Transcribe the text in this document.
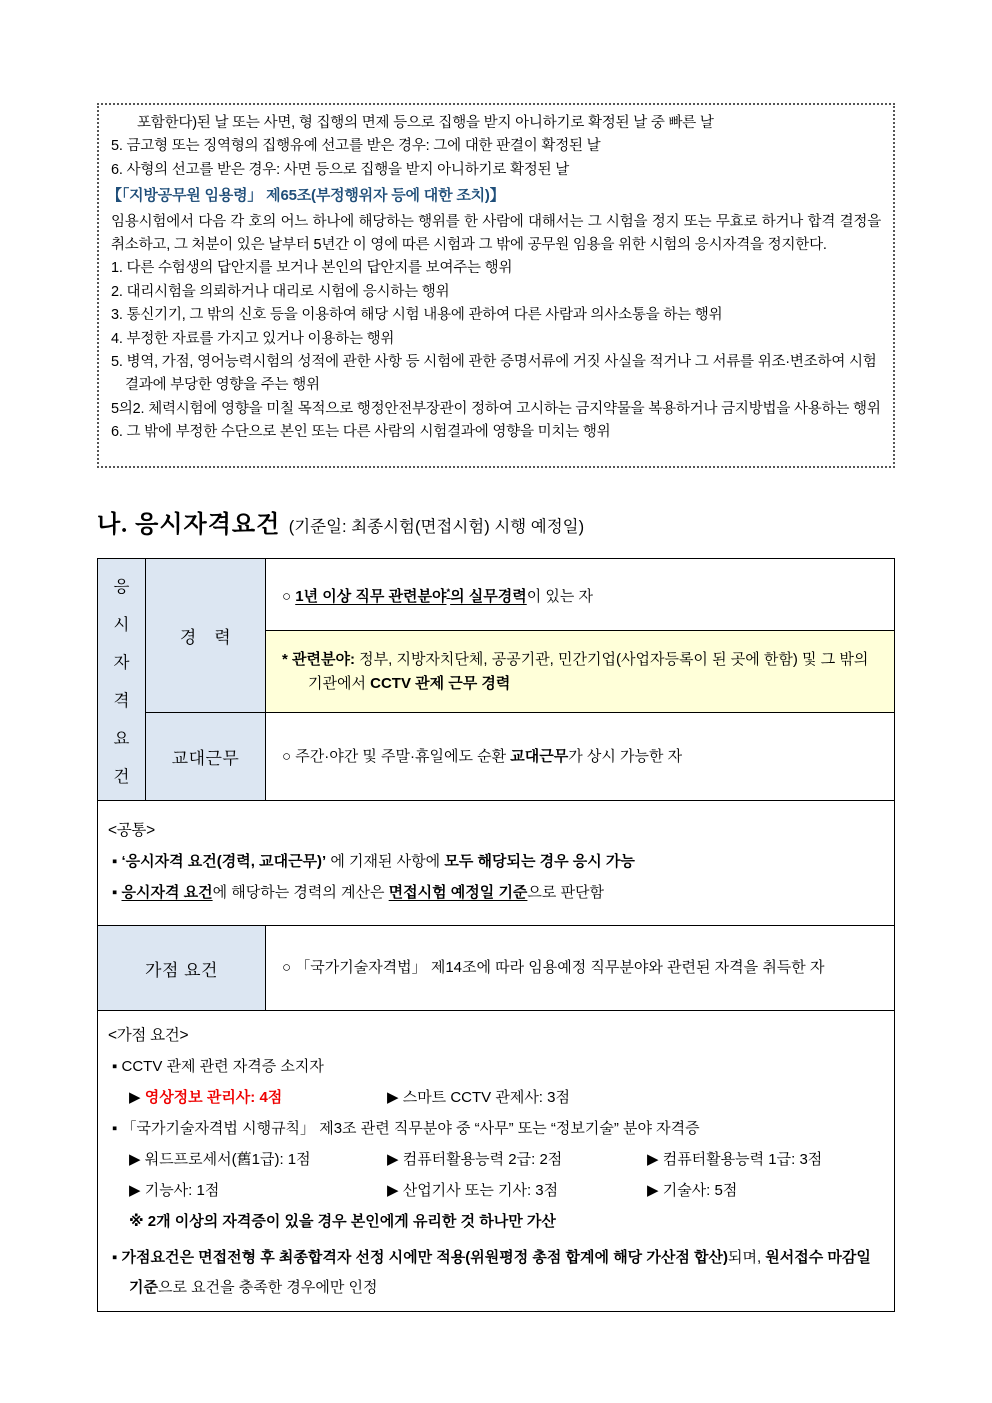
포함한다)된 날 또는 사면, 형 집행의 면제 등으로 집행을 받지 아니하기로 확정된 날 중 빠른 날
5. 금고형 또는 징역형의 집행유예 선고를 받은 경우: 그에 대한 판결이 확정된 날
6. 사형의 선고를 받은 경우: 사면 등으로 집행을 받지 아니하기로 확정된 날
【「지방공무원 임용령」 제65조(부정행위자 등에 대한 조치)】
임용시험에서 다음 각 호의 어느 하나에 해당하는 행위를 한 사람에 대해서는 그 시험을 정지 또는 무효로 하거나 합격 결정을 취소하고, 그 처분이 있은 날부터 5년간 이 영에 따른 시험과 그 밖에 공무원 임용을 위한 시험의 응시자격을 정지한다.
1. 다른 수험생의 답안지를 보거나 본인의 답안지를 보여주는 행위
2. 대리시험을 의뢰하거나 대리로 시험에 응시하는 행위
3. 통신기기, 그 밖의 신호 등을 이용하여 해당 시험 내용에 관하여 다른 사람과 의사소통을 하는 행위
4. 부정한 자료를 가지고 있거나 이용하는 행위
5. 병역, 가점, 영어능력시험의 성적에 관한 사항 등 시험에 관한 증명서류에 거짓 사실을 적거나 그 서류를 위조·변조하여 시험결과에 부당한 영향을 주는 행위
5의2. 체력시험에 영향을 미칠 목적으로 행정안전부장관이 정하여 고시하는 금지약물을 복용하거나 금지방법을 사용하는 행위
6. 그 밖에 부정한 수단으로 본인 또는 다른 사람의 시험결과에 영향을 미치는 행위
나. 응시자격요건 (기준일: 최종시험(면접시험) 시행 예정일)
응
시
자
격
요
건
	경　력	○ 1년 이상 직무 관련분야*의 실무경력이 있는 자

		* 관련분야: 정부, 지방자치단체, 공공기관, 민간기업(사업자등록이 된 곳에 한함) 및 그 밖의 기관에서 CCTV 관제 근무 경력

	교대근무	○ 주간·야간 및 주말·휴일에도 순환 교대근무가 상시 가능한 자

<공통>
▪ ‘응시자격 요건(경력, 교대근무)’ 에 기재된 사항에 모두 해당되는 경우 응시 가능
▪ 응시자격 요건에 해당하는 경력의 계산은 면접시험 예정일 기준으로 판단함		

가점 요건		○ 「국가기술자격법」 제14조에 따라 임용예정 직무분야와 관련된 자격을 취득한 자

<가점 요건>
▪ CCTV 관제 관련 자격증 소지자
▶ 영상정보 관리사: 4점	▶ 스마트 CCTV 관제사: 3점
▪ 「국가기술자격법 시행규칙」 제3조 관련 직무분야 중 “사무” 또는 “정보기술” 분야 자격증
▶ 워드프로세서(舊1급): 1점	▶ 컴퓨터활용능력 2급: 2점	▶ 컴퓨터활용능력 1급: 3점
▶ 기능사: 1점	▶ 산업기사 또는 기사: 3점	▶ 기술사: 5점
※ 2개 이상의 자격증이 있을 경우 본인에게 유리한 것 하나만 가산
▪ 가점요건은 면접전형 후 최종합격자 선정 시에만 적용(위원평정 총점 합계에 해당 가산점 합산)되며, 원서접수 마감일 기준으로 요건을 충족한 경우에만 인정
